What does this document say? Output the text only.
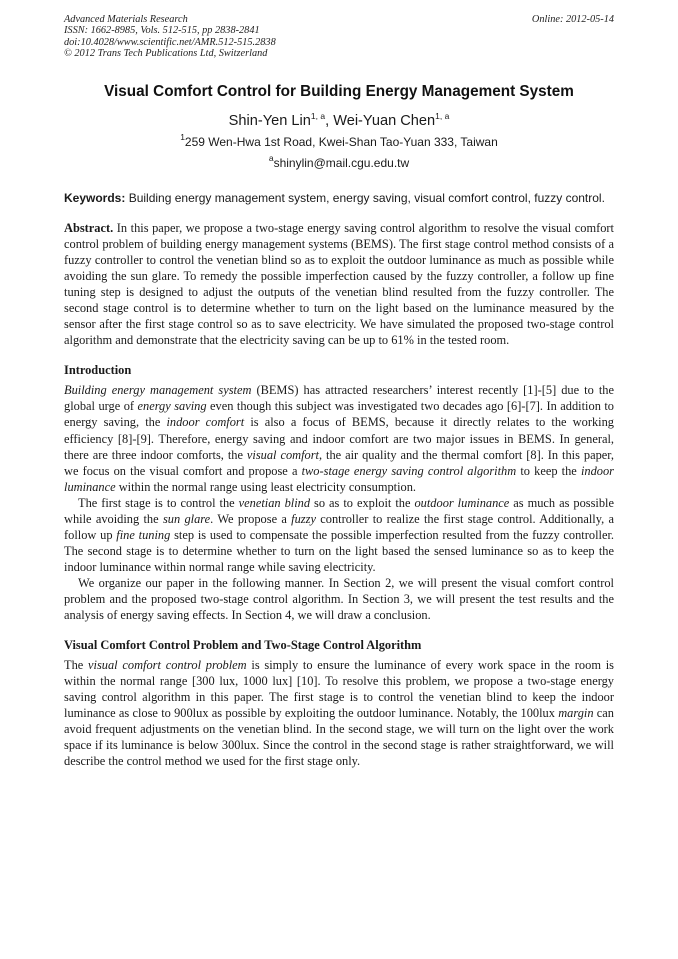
Advanced Materials Research

ISSN: 1662-8985, Vols. 512-515, pp 2838-2841

doi:10.4028/www.scientific.net/AMR.512-515.2838

© 2012 Trans Tech Publications Ltd, Switzerland

Online: 2012-05-14
Visual Comfort Control for Building Energy Management System
Shin-Yen Lin$^{1, a}$, Wei-Yuan Chen$^{1, a}$
$^1$259 Wen-Hwa 1st Road, Kwei-Shan Tao-Yuan 333, Taiwan
$^a$shinylin@mail.cgu.edu.tw
Keywords: Building energy management system, energy saving, visual comfort control, fuzzy control.

Abstract. In this paper, we propose a two-stage energy saving control algorithm to resolve the visual comfort control problem of building energy management systems (BEMS). The first stage control method consists of a fuzzy controller to control the venetian blind so as to exploit the outdoor luminance as much as possible while avoiding the sun glare. To remedy the possible imperfection caused by the fuzzy controller, a follow up fine tuning step is designed to adjust the outputs of the venetian blind resulted from the fuzzy controller. The second stage control is to determine whether to turn on the light based on the luminance measured by the sensor after the first stage control so as to save electricity. We have simulated the proposed two-stage control algorithm and demonstrate that the electricity saving can be up to 61% in the tested room.

Introduction

Building energy management system (BEMS) has attracted researchers’ interest recently [1]-[5] due to the global urge of energy saving even though this subject was investigated two decades ago [6]-[7]. In addition to energy saving, the indoor comfort is also a focus of BEMS, because it directly relates to the working efficiency [8]-[9]. Therefore, energy saving and indoor comfort are two major issues in BEMS. In general, there are three indoor comforts, the visual comfort, the air quality and the thermal comfort [8]. In this paper, we focus on the visual comfort and propose a two-stage energy saving control algorithm to keep the indoor luminance within the normal range using least electricity consumption.

The first stage is to control the venetian blind so as to exploit the outdoor luminance as much as possible while avoiding the sun glare. We propose a fuzzy controller to realize the first stage control. Additionally, a follow up fine tuning step is used to compensate the possible imperfection resulted from the fuzzy controller. The second stage is to determine whether to turn on the light based the sensed luminance so as to keep the indoor luminance within normal range while saving electricity.

We organize our paper in the following manner. In Section 2, we will present the visual comfort control problem and the proposed two-stage control algorithm. In Section 3, we will present the test results and the analysis of energy saving effects. In Section 4, we will draw a conclusion.

Visual Comfort Control Problem and Two-Stage Control Algorithm

The visual comfort control problem is simply to ensure the luminance of every work space in the room is within the normal range [300 lux, 1000 lux] [10]. To resolve this problem, we propose a two-stage energy saving control algorithm in this paper. The first stage is to control the venetian blind to keep the indoor luminance as close to 900lux as possible by exploiting the outdoor luminance. Notably, the 100lux margin can avoid frequent adjustments on the venetian blind. In the second stage, we will turn on the light over the work space if its luminance is below 300lux. Since the control in the second stage is rather straightforward, we will describe the control method we used for the first stage only.
